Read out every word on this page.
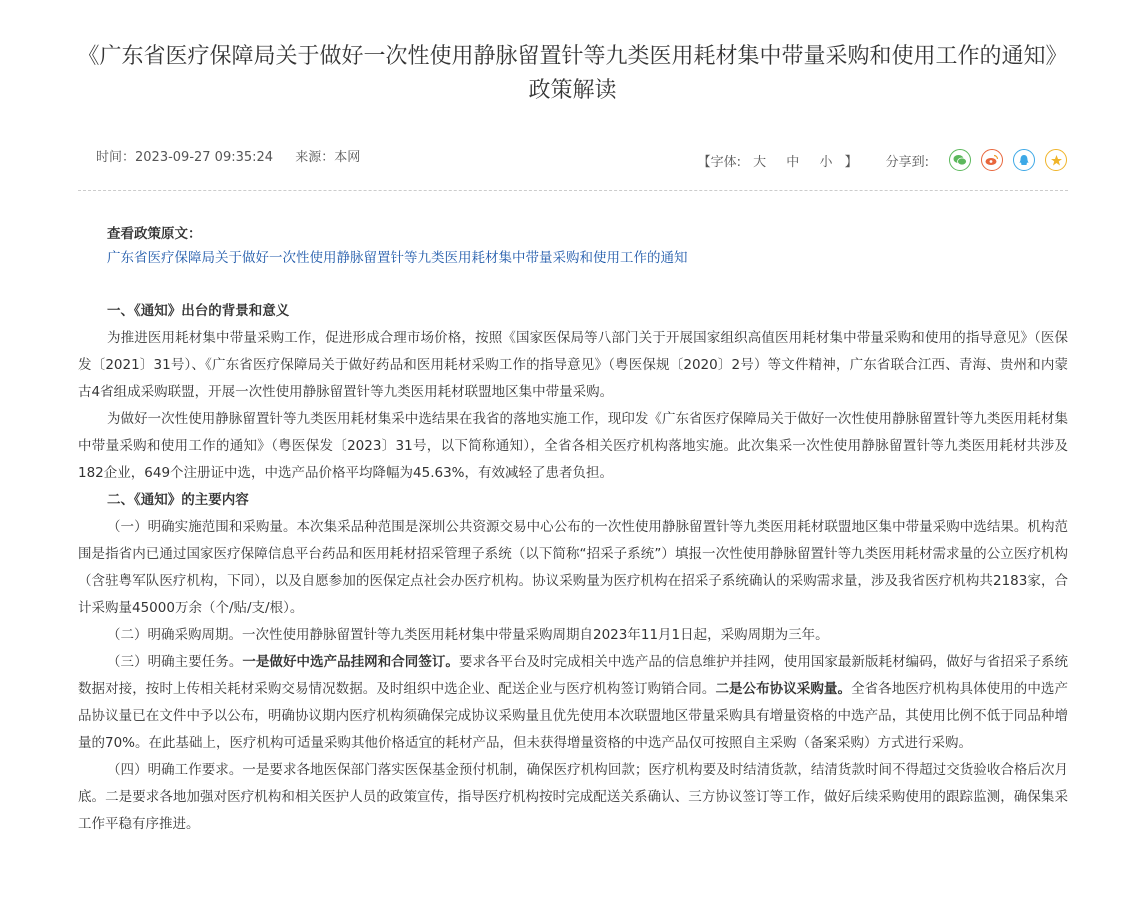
《广东省医疗保障局关于做好一次性使用静脉留置针等九类医用耗材集中带量采购和使用工作的通知》
政策解读
时间：2023-09-27 09:35:24 来源：本网	【字体: 大 中 小 】 分享到:
查看政策原文：
广东省医疗保障局关于做好一次性使用静脉留置针等九类医用耗材集中带量采购和使用工作的通知
一、《通知》出台的背景和意义

为推进医用耗材集中带量采购工作，促进形成合理市场价格，按照《国家医保局等八部门关于开展国家组织高值医用耗材集中带量采购和使用的指导意见》（医保发〔2021〕31号）、《广东省医疗保障局关于做好药品和医用耗材采购工作的指导意见》（粤医保规〔2020〕2号）等文件精神，广东省联合江西、青海、贵州和内蒙古4省组成采购联盟，开展一次性使用静脉留置针等九类医用耗材联盟地区集中带量采购。

为做好一次性使用静脉留置针等九类医用耗材集采中选结果在我省的落地实施工作，现印发《广东省医疗保障局关于做好一次性使用静脉留置针等九类医用耗材集中带量采购和使用工作的通知》（粤医保发〔2023〕31号，以下简称通知），全省各相关医疗机构落地实施。此次集采一次性使用静脉留置针等九类医用耗材共涉及182企业，649个注册证中选，中选产品价格平均降幅为45.63%，有效减轻了患者负担。

二、《通知》的主要内容

（一）明确实施范围和采购量。本次集采品种范围是深圳公共资源交易中心公布的一次性使用静脉留置针等九类医用耗材联盟地区集中带量采购中选结果。机构范围是指省内已通过国家医疗保障信息平台药品和医用耗材招采管理子系统（以下简称“招采子系统”）填报一次性使用静脉留置针等九类医用耗材需求量的公立医疗机构（含驻粤军队医疗机构，下同），以及自愿参加的医保定点社会办医疗机构。协议采购量为医疗机构在招采子系统确认的采购需求量，涉及我省医疗机构共2183家，合计采购量45000万余（个/贴/支/根）。

（二）明确采购周期。一次性使用静脉留置针等九类医用耗材集中带量采购周期自2023年11月1日起，采购周期为三年。

（三）明确主要任务。一是做好中选产品挂网和合同签订。要求各平台及时完成相关中选产品的信息维护并挂网，使用国家最新版耗材编码，做好与省招采子系统数据对接，按时上传相关耗材采购交易情况数据。及时组织中选企业、配送企业与医疗机构签订购销合同。二是公布协议采购量。全省各地医疗机构具体使用的中选产品协议量已在文件中予以公布，明确协议期内医疗机构须确保完成协议采购量且优先使用本次联盟地区带量采购具有增量资格的中选产品，其使用比例不低于同品种增量的70%。在此基础上，医疗机构可适量采购其他价格适宜的耗材产品，但未获得增量资格的中选产品仅可按照自主采购（备案采购）方式进行采购。

（四）明确工作要求。一是要求各地医保部门落实医保基金预付机制，确保医疗机构回款；医疗机构要及时结清货款，结清货款时间不得超过交货验收合格后次月底。二是要求各地加强对医疗机构和相关医护人员的政策宣传，指导医疗机构按时完成配送关系确认、三方协议签订等工作，做好后续采购使用的跟踪监测，确保集采工作平稳有序推进。
